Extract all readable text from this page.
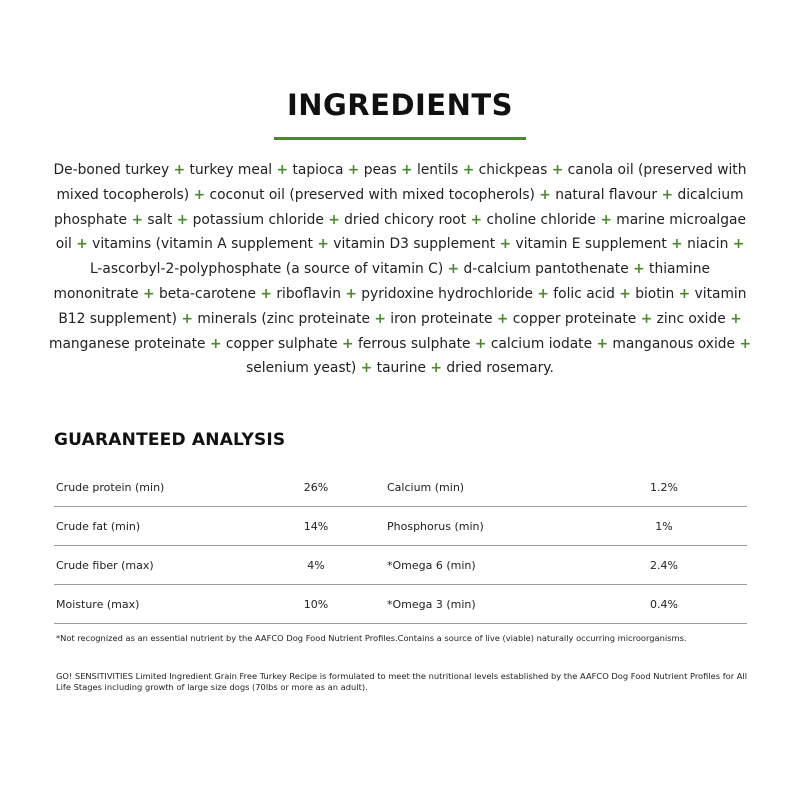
INGREDIENTS
De-boned turkey + turkey meal + tapioca + peas + lentils + chickpeas + canola oil (preserved with mixed tocopherols) + coconut oil (preserved with mixed tocopherols) + natural flavour + dicalcium phosphate + salt + potassium chloride + dried chicory root + choline chloride + marine microalgae oil + vitamins (vitamin A supplement + vitamin D3 supplement + vitamin E supplement + niacin + L-ascorbyl-2-polyphosphate (a source of vitamin C) + d-calcium pantothenate + thiamine mononitrate + beta-carotene + riboflavin + pyridoxine hydrochloride + folic acid + biotin + vitamin B12 supplement) + minerals (zinc proteinate + iron proteinate + copper proteinate + zinc oxide + manganese proteinate + copper sulphate + ferrous sulphate + calcium iodate + manganous oxide + selenium yeast) + taurine + dried rosemary.
GUARANTEED ANALYSIS
Crude protein (min)	26%	Calcium (min)	1.2%
Crude fat (min)	14%	Phosphorus (min)	1%
Crude fiber (max)	4%	*Omega 6 (min)	2.4%
Moisture (max)	10%	*Omega 3 (min)	0.4%
*Not recognized as an essential nutrient by the AAFCO Dog Food Nutrient Profiles.Contains a source of live (viable) naturally occurring microorganisms.
GO! SENSITIVITIES Limited Ingredient Grain Free Turkey Recipe is formulated to meet the nutritional levels established by the AAFCO Dog Food Nutrient Profiles for All Life Stages including growth of large size dogs (70lbs or more as an adult).
